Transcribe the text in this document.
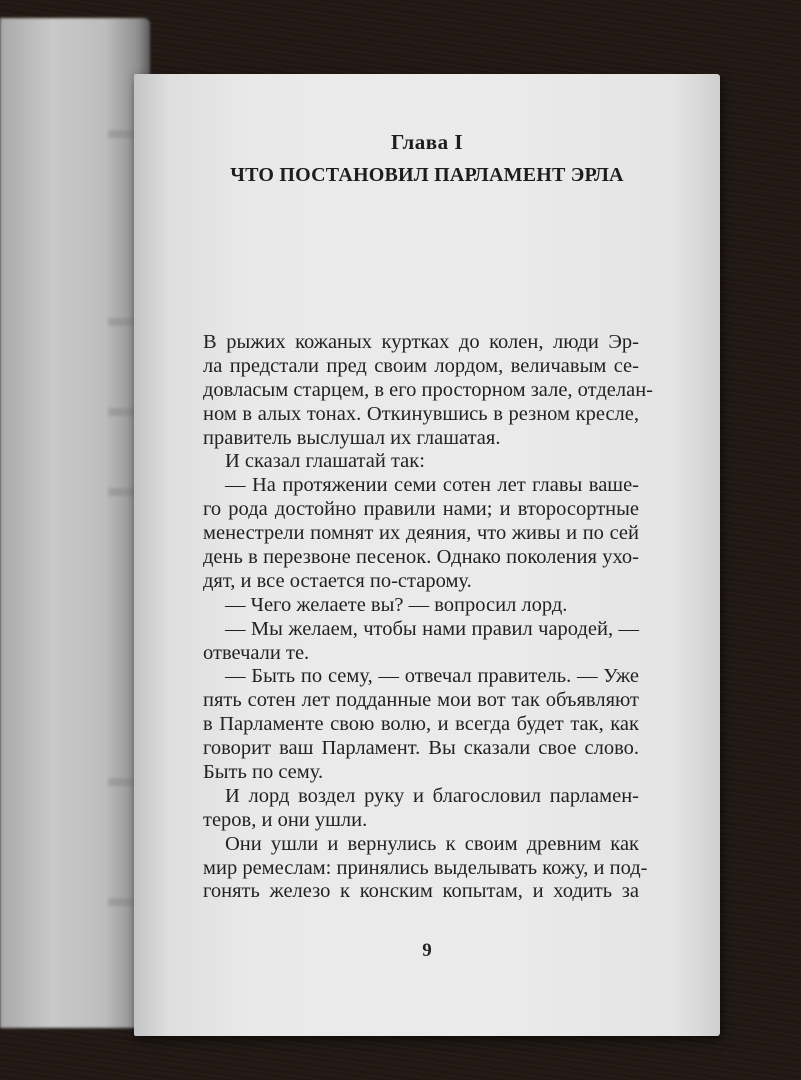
Глава I
ЧТО ПОСТАНОВИЛ ПАРЛАМЕНТ ЭРЛА
В рыжих кожаных куртках до колен, люди Эр-
ла предстали пред своим лордом, величавым се-
довласым старцем, в его просторном зале, отделан-
ном в алых тонах. Откинувшись в резном кресле,
правитель выслушал их глашатая.
И сказал глашатай так:
— На протяжении семи сотен лет главы ваше-
го рода достойно правили нами; и второсортные
менестрели помнят их деяния, что живы и по сей
день в перезвоне песенок. Однако поколения ухо-
дят, и все остается по-старому.
— Чего желаете вы? — вопросил лорд.
— Мы желаем, чтобы нами правил чародей, —
отвечали те.
— Быть по сему, — отвечал правитель. — Уже
пять сотен лет подданные мои вот так объявляют
в Парламенте свою волю, и всегда будет так, как
говорит ваш Парламент. Вы сказали свое слово.
Быть по сему.
И лорд воздел руку и благословил парламен-
теров, и они ушли.
Они ушли и вернулись к своим древним как
мир ремеслам: принялись выделывать кожу, и под-
гонять железо к конским копытам, и ходить за
9
